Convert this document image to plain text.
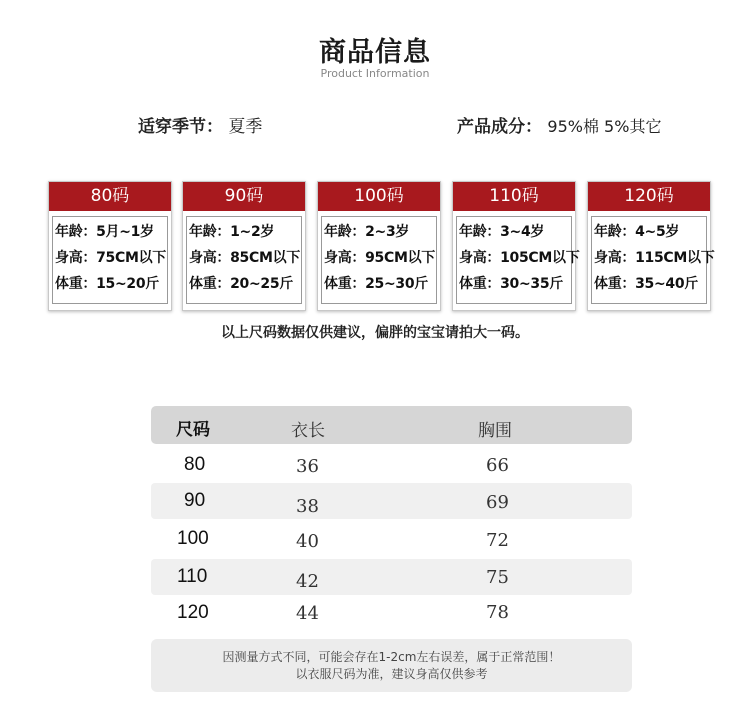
商品信息
Product Information
适穿季节： 夏季	产品成分： 95%棉 5%其它
80码
年龄：5月~1岁
身高：75CM以下
体重：15~20斤
90码
年龄：1~2岁
身高：85CM以下
体重：20~25斤
100码
年龄：2~3岁
身高：95CM以下
体重：25~30斤
110码
年龄：3~4岁
身高：105CM以下
体重：30~35斤
120码
年龄：4~5岁
身高：115CM以下
体重：35~40斤
以上尺码数据仅供建议，偏胖的宝宝请拍大一码。
尺码	衣长	胸围
80	36	66
90	38	69
100	40	72
110	42	75
120	44	78
因测量方式不同，可能会存在1-2cm左右误差，属于正常范围！
以衣服尺码为准，建议身高仅供参考
